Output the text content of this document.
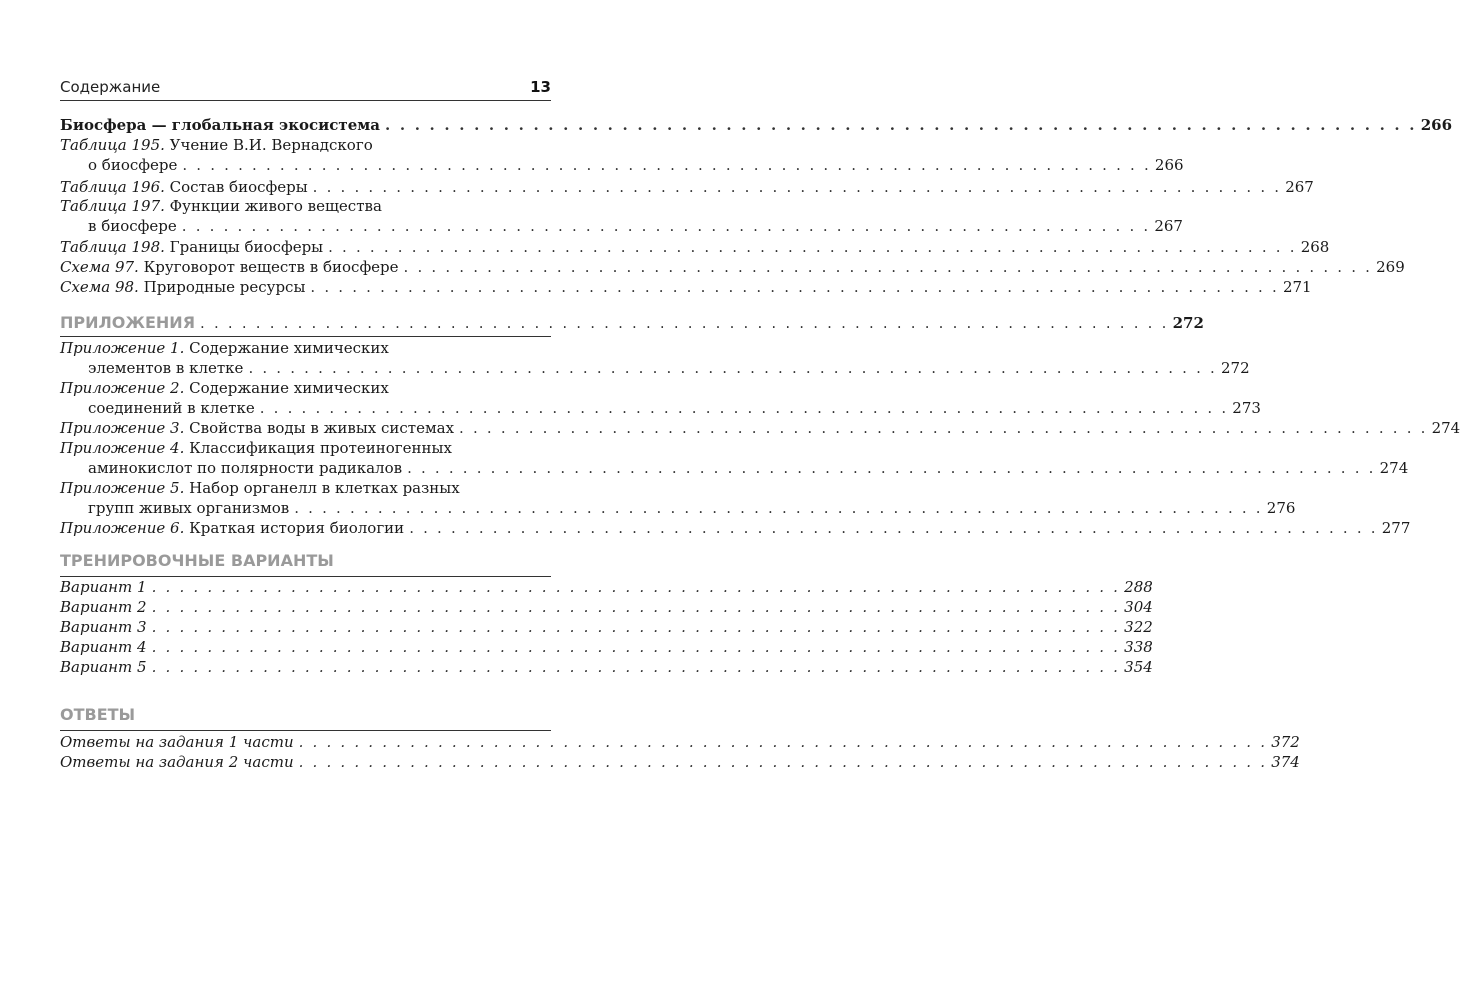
Содержание	13
Биосфера — глобальная экосистема . . . . . . . . . . . . . . . . . . . . . . . . . . . . . . . . . . . . . . . . . . . . . . . . . . . . . . . . . . . . . . . . . . . . . . 266
Таблица 195. Учение В.И. Вернадского
о биосфере . . . . . . . . . . . . . . . . . . . . . . . . . . . . . . . . . . . . . . . . . . . . . . . . . . . . . . . . . . . . . . . . . . . . . . 266
Таблица 196. Состав биосферы . . . . . . . . . . . . . . . . . . . . . . . . . . . . . . . . . . . . . . . . . . . . . . . . . . . . . . . . . . . . . . . . . . . . . . 267
Таблица 197. Функции живого вещества
в биосфере . . . . . . . . . . . . . . . . . . . . . . . . . . . . . . . . . . . . . . . . . . . . . . . . . . . . . . . . . . . . . . . . . . . . . . 267
Таблица 198. Границы биосферы . . . . . . . . . . . . . . . . . . . . . . . . . . . . . . . . . . . . . . . . . . . . . . . . . . . . . . . . . . . . . . . . . . . . . . 268
Схема 97. Круговорот веществ в биосфере . . . . . . . . . . . . . . . . . . . . . . . . . . . . . . . . . . . . . . . . . . . . . . . . . . . . . . . . . . . . . . . . . . . . . . 269
Схема 98. Природные ресурсы . . . . . . . . . . . . . . . . . . . . . . . . . . . . . . . . . . . . . . . . . . . . . . . . . . . . . . . . . . . . . . . . . . . . . . 271
ПРИЛОЖЕНИЯ . . . . . . . . . . . . . . . . . . . . . . . . . . . . . . . . . . . . . . . . . . . . . . . . . . . . . . . . . . . . . . . . . . . . . . 272
Приложение 1. Содержание химических
элементов в клетке . . . . . . . . . . . . . . . . . . . . . . . . . . . . . . . . . . . . . . . . . . . . . . . . . . . . . . . . . . . . . . . . . . . . . . 272
Приложение 2. Содержание химических
соединений в клетке . . . . . . . . . . . . . . . . . . . . . . . . . . . . . . . . . . . . . . . . . . . . . . . . . . . . . . . . . . . . . . . . . . . . . . 273
Приложение 3. Свойства воды в живых системах . . . . . . . . . . . . . . . . . . . . . . . . . . . . . . . . . . . . . . . . . . . . . . . . . . . . . . . . . . . . . . . . . . . . . . 274
Приложение 4. Классификация протеиногенных
аминокислот по полярности радикалов . . . . . . . . . . . . . . . . . . . . . . . . . . . . . . . . . . . . . . . . . . . . . . . . . . . . . . . . . . . . . . . . . . . . . . 274
Приложение 5. Набор органелл в клетках разных
групп живых организмов . . . . . . . . . . . . . . . . . . . . . . . . . . . . . . . . . . . . . . . . . . . . . . . . . . . . . . . . . . . . . . . . . . . . . . 276
Приложение 6. Краткая история биологии . . . . . . . . . . . . . . . . . . . . . . . . . . . . . . . . . . . . . . . . . . . . . . . . . . . . . . . . . . . . . . . . . . . . . . 277
ТРЕНИРОВОЧНЫЕ ВАРИАНТЫ
Вариант 1 . . . . . . . . . . . . . . . . . . . . . . . . . . . . . . . . . . . . . . . . . . . . . . . . . . . . . . . . . . . . . . . . . . . . . . 288
Вариант 2 . . . . . . . . . . . . . . . . . . . . . . . . . . . . . . . . . . . . . . . . . . . . . . . . . . . . . . . . . . . . . . . . . . . . . . 304
Вариант 3 . . . . . . . . . . . . . . . . . . . . . . . . . . . . . . . . . . . . . . . . . . . . . . . . . . . . . . . . . . . . . . . . . . . . . . 322
Вариант 4 . . . . . . . . . . . . . . . . . . . . . . . . . . . . . . . . . . . . . . . . . . . . . . . . . . . . . . . . . . . . . . . . . . . . . . 338
Вариант 5 . . . . . . . . . . . . . . . . . . . . . . . . . . . . . . . . . . . . . . . . . . . . . . . . . . . . . . . . . . . . . . . . . . . . . . 354
ОТВЕТЫ
Ответы на задания 1 части . . . . . . . . . . . . . . . . . . . . . . . . . . . . . . . . . . . . . . . . . . . . . . . . . . . . . . . . . . . . . . . . . . . . . . 372
Ответы на задания 2 части . . . . . . . . . . . . . . . . . . . . . . . . . . . . . . . . . . . . . . . . . . . . . . . . . . . . . . . . . . . . . . . . . . . . . . 374
